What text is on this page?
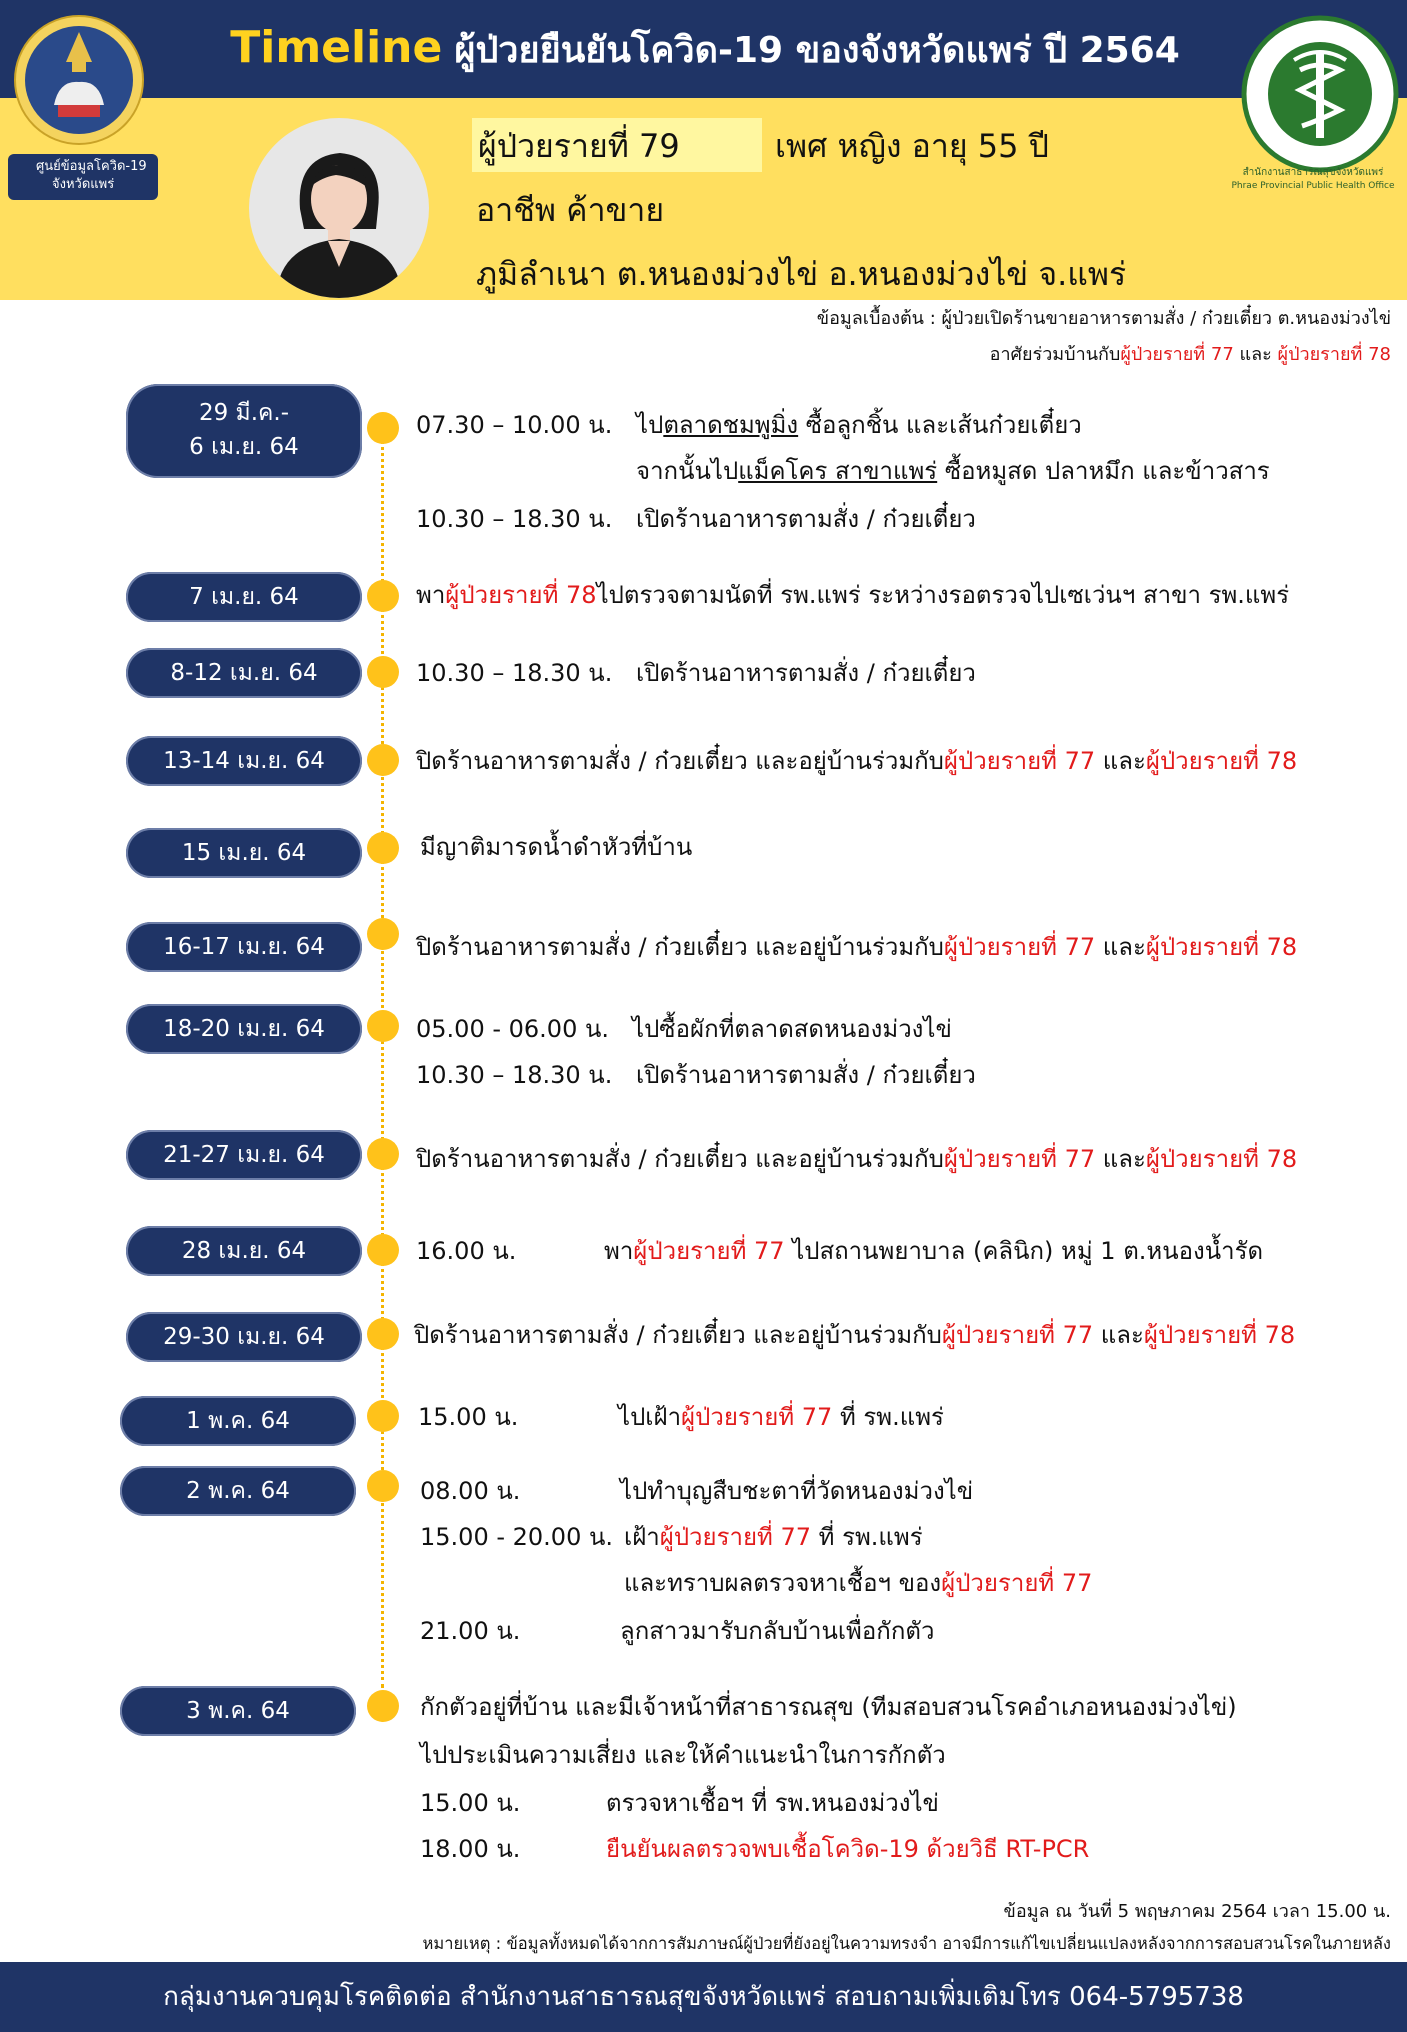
Timeline ผู้ป่วยยืนยันโควิด-19 ของจังหวัดแพร่ ปี 2564
ศูนย์ข้อมูลโควิด-19
จังหวัดแพร่
ผู้ป่วยรายที่ 79	เพศ หญิง อายุ 55 ปี
อาชีพ ค้าขาย
ภูมิลำเนา ต.หนองม่วงไข่ อ.หนองม่วงไข่ จ.แพร่
สำนักงานสาธารณสุขจังหวัดแพร่
Phrae Provincial Public Health Office
ข้อมูลเบื้องต้น : ผู้ป่วยเปิดร้านขายอาหารตามสั่ง / ก๋วยเตี๋ยว ต.หนองม่วงไข่
อาศัยร่วมบ้านกับผู้ป่วยรายที่ 77 และ ผู้ป่วยรายที่ 78
29 มี.ค.-
6 เม.ย. 64
07.30 – 10.00 น. ไปตลาดชมพูมิ่ง ซื้อลูกชิ้น และเส้นก๋วยเตี๋ยว
จากนั้นไปแม็คโคร สาขาแพร่ ซื้อหมูสด ปลาหมึก และข้าวสาร
10.30 – 18.30 น. เปิดร้านอาหารตามสั่ง / ก๋วยเตี๋ยว
7 เม.ย. 64	พาผู้ป่วยรายที่ 78ไปตรวจตามนัดที่ รพ.แพร่ ระหว่างรอตรวจไปเซเว่นฯ สาขา รพ.แพร่
8-12 เม.ย. 64	10.30 – 18.30 น. เปิดร้านอาหารตามสั่ง / ก๋วยเตี๋ยว
13-14 เม.ย. 64	ปิดร้านอาหารตามสั่ง / ก๋วยเตี๋ยว และอยู่บ้านร่วมกับผู้ป่วยรายที่ 77 และผู้ป่วยรายที่ 78
15 เม.ย. 64	มีญาติมารดน้ำดำหัวที่บ้าน
16-17 เม.ย. 64	ปิดร้านอาหารตามสั่ง / ก๋วยเตี๋ยว และอยู่บ้านร่วมกับผู้ป่วยรายที่ 77 และผู้ป่วยรายที่ 78
18-20 เม.ย. 64	05.00 - 06.00 น. ไปซื้อผักที่ตลาดสดหนองม่วงไข่
10.30 – 18.30 น. เปิดร้านอาหารตามสั่ง / ก๋วยเตี๋ยว
21-27 เม.ย. 64	ปิดร้านอาหารตามสั่ง / ก๋วยเตี๋ยว และอยู่บ้านร่วมกับผู้ป่วยรายที่ 77 และผู้ป่วยรายที่ 78
28 เม.ย. 64	16.00 น.	พาผู้ป่วยรายที่ 77 ไปสถานพยาบาล (คลินิก) หมู่ 1 ต.หนองน้ำรัด
29-30 เม.ย. 64	ปิดร้านอาหารตามสั่ง / ก๋วยเตี๋ยว และอยู่บ้านร่วมกับผู้ป่วยรายที่ 77 และผู้ป่วยรายที่ 78
1 พ.ค. 64	15.00 น.	ไปเฝ้าผู้ป่วยรายที่ 77 ที่ รพ.แพร่
2 พ.ค. 64	08.00 น.	ไปทำบุญสืบชะตาที่วัดหนองม่วงไข่
15.00 - 20.00 น. เฝ้าผู้ป่วยรายที่ 77 ที่ รพ.แพร่
และทราบผลตรวจหาเชื้อฯ ของผู้ป่วยรายที่ 77
21.00 น.	ลูกสาวมารับกลับบ้านเพื่อกักตัว
3 พ.ค. 64	กักตัวอยู่ที่บ้าน และมีเจ้าหน้าที่สาธารณสุข (ทีมสอบสวนโรคอำเภอหนองม่วงไข่)
ไปประเมินความเสี่ยง และให้คำแนะนำในการกักตัว
15.00 น.	ตรวจหาเชื้อฯ ที่ รพ.หนองม่วงไข่
18.00 น.	ยืนยันผลตรวจพบเชื้อโควิด-19 ด้วยวิธี RT-PCR
ข้อมูล ณ วันที่ 5 พฤษภาคม 2564 เวลา 15.00 น.
หมายเหตุ : ข้อมูลทั้งหมดได้จากการสัมภาษณ์ผู้ป่วยที่ยังอยู่ในความทรงจำ อาจมีการแก้ไขเปลี่ยนแปลงหลังจากการสอบสวนโรคในภายหลัง
กลุ่มงานควบคุมโรคติดต่อ สำนักงานสาธารณสุขจังหวัดแพร่ สอบถามเพิ่มเติมโทร 064-5795738
